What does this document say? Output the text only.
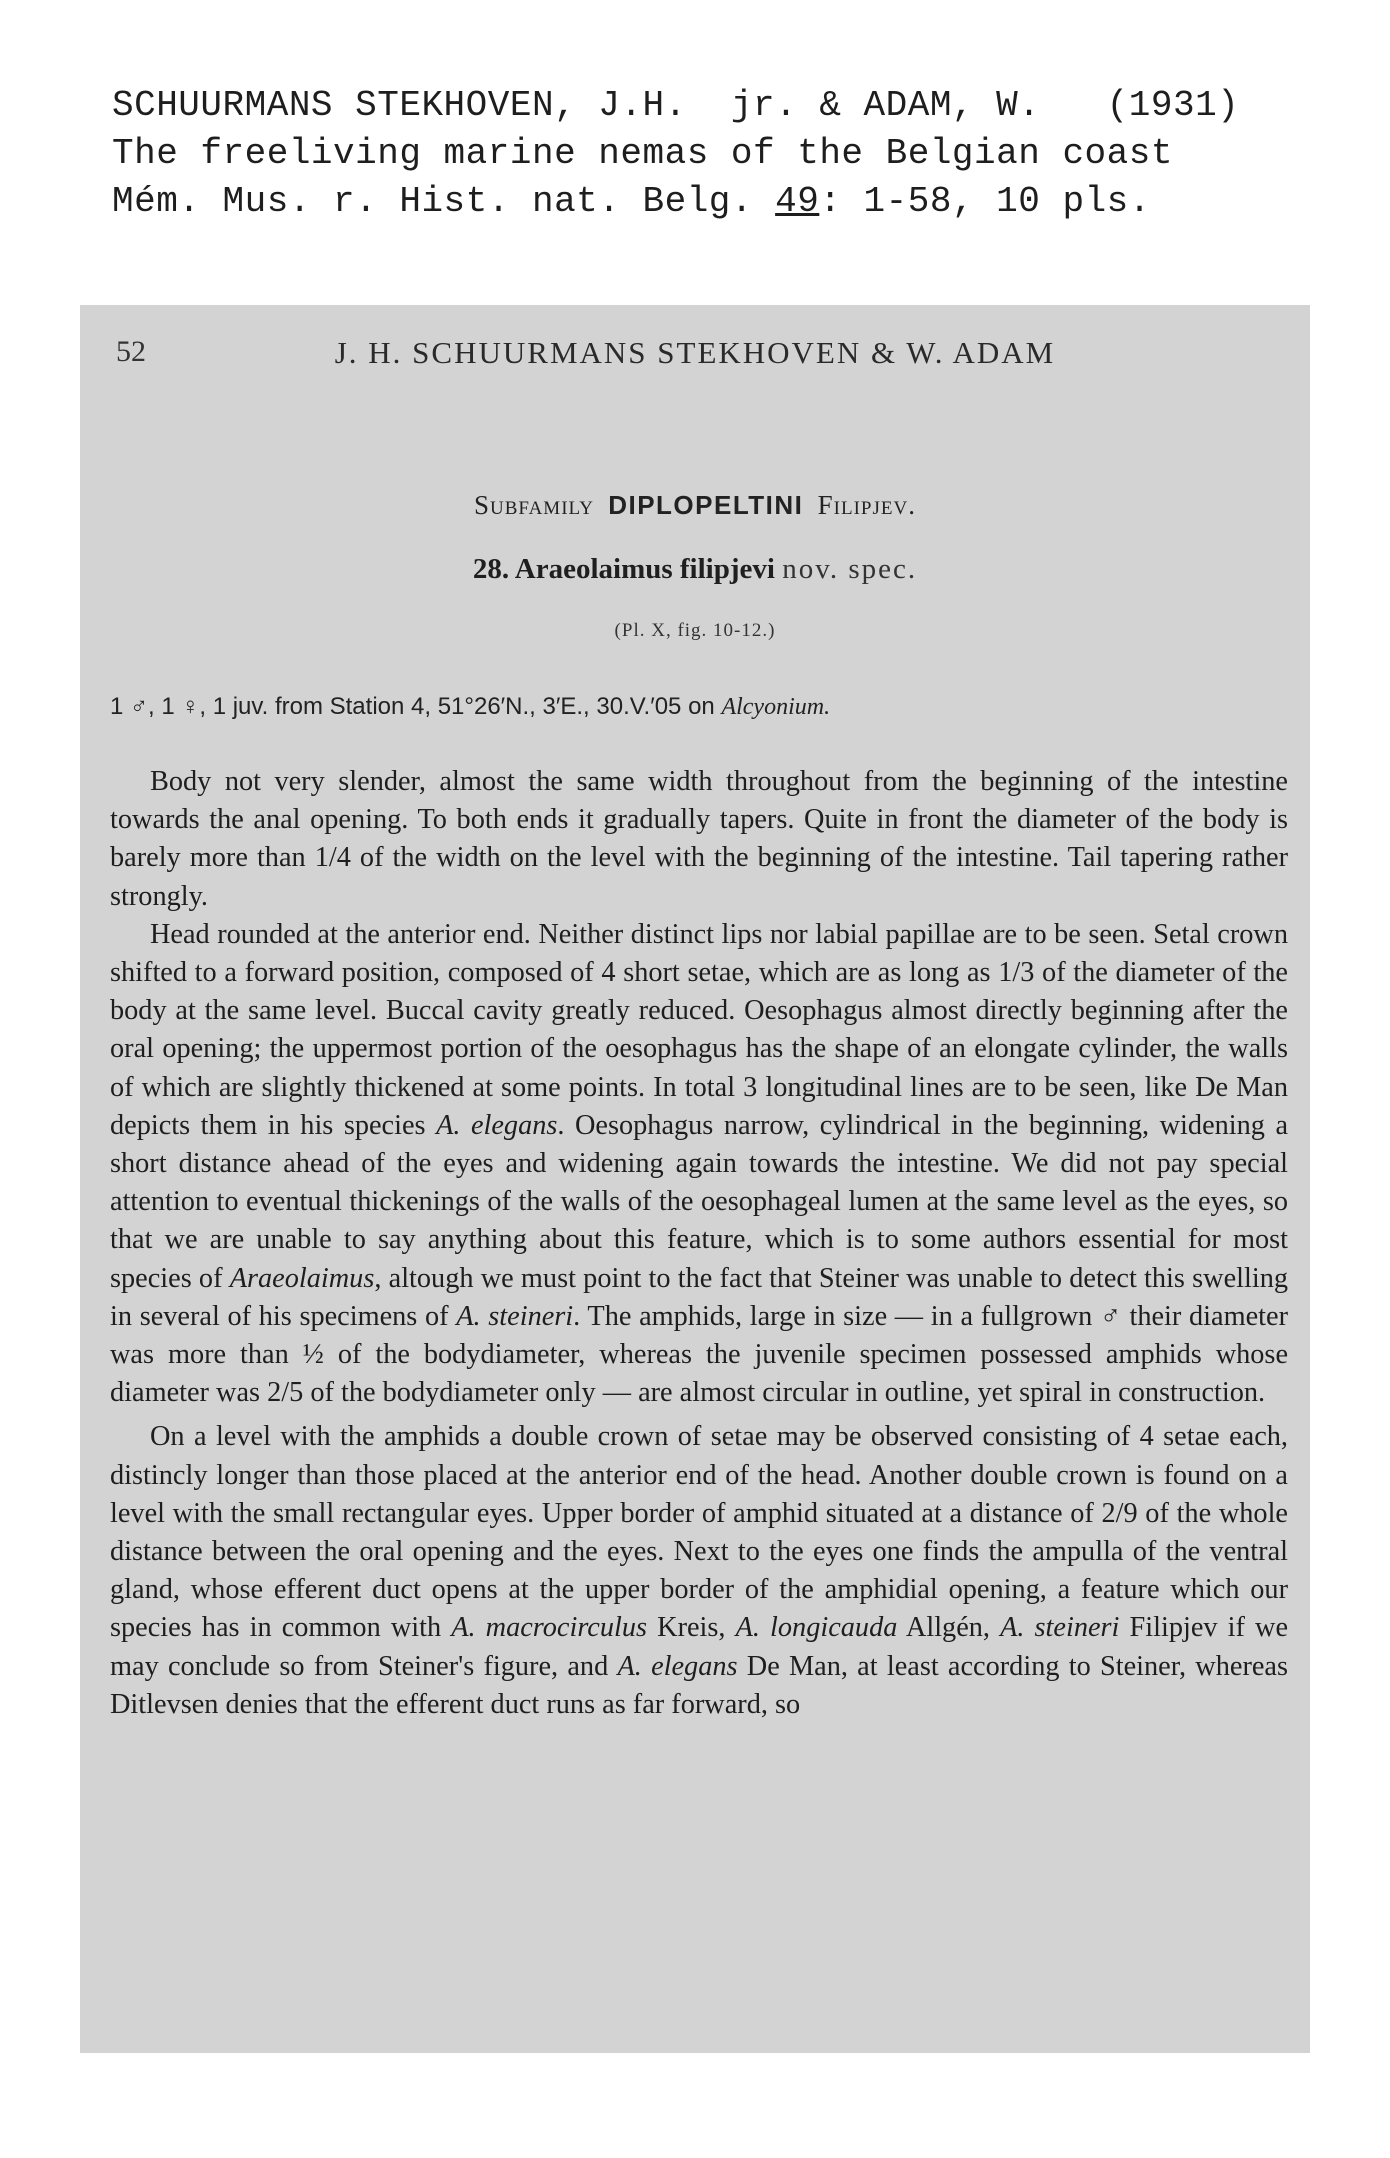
SCHUURMANS STEKHOVEN, J.H.  jr. & ADAM, W.   (1931)
The freeliving marine nemas of the Belgian coast
Mém. Mus. r. Hist. nat. Belg. 49: 1-58, 10 pls.
52	J. H. SCHUURMANS STEKHOVEN & W. ADAM
Subfamily DIPLOPELTINI Filipjev.
28. Araeolaimus filipjevi nov. spec.
(Pl. X, fig. 10-12.)
1 ♂, 1 ♀, 1 juv. from Station 4, 51°26′N., 3′E., 30.V.′05 on Alcyonium.

Body not very slender, almost the same width throughout from the beginning of the intestine towards the anal opening. To both ends it gradually tapers. Quite in front the diameter of the body is barely more than 1/4 of the width on the level with the beginning of the intestine. Tail tapering rather strongly.

Head rounded at the anterior end. Neither distinct lips nor labial papillae are to be seen. Setal crown shifted to a forward position, composed of 4 short setae, which are as long as 1/3 of the diameter of the body at the same level. Buccal cavity greatly reduced. Oesophagus almost directly beginning after the oral opening; the uppermost portion of the oesophagus has the shape of an elongate cylinder, the walls of which are slightly thickened at some points. In total 3 longitudinal lines are to be seen, like De Man depicts them in his species A. elegans. Oesophagus narrow, cylindrical in the beginning, widening a short distance ahead of the eyes and widening again towards the intestine. We did not pay special attention to eventual thickenings of the walls of the oesophageal lumen at the same level as the eyes, so that we are unable to say anything about this feature, which is to some authors essential for most species of Araeolaimus, altough we must point to the fact that Steiner was unable to detect this swelling in several of his specimens of A. steineri. The amphids, large in size — in a fullgrown ♂ their diameter was more than ½ of the bodydiameter, whereas the juvenile specimen possessed amphids whose diameter was 2/5 of the bodydiameter only — are almost circular in outline, yet spiral in construction.

On a level with the amphids a double crown of setae may be observed consisting of 4 setae each, distincly longer than those placed at the anterior end of the head. Another double crown is found on a level with the small rectangular eyes. Upper border of amphid situated at a distance of 2/9 of the whole distance between the oral opening and the eyes. Next to the eyes one finds the ampulla of the ventral gland, whose efferent duct opens at the upper border of the amphidial opening, a feature which our species has in common with A. macrocirculus Kreis, A. longicauda Allgén, A. steineri Filipjev if we may conclude so from Steiner's figure, and A. elegans De Man, at least according to Steiner, whereas Ditlevsen denies that the efferent duct runs as far forward, so
